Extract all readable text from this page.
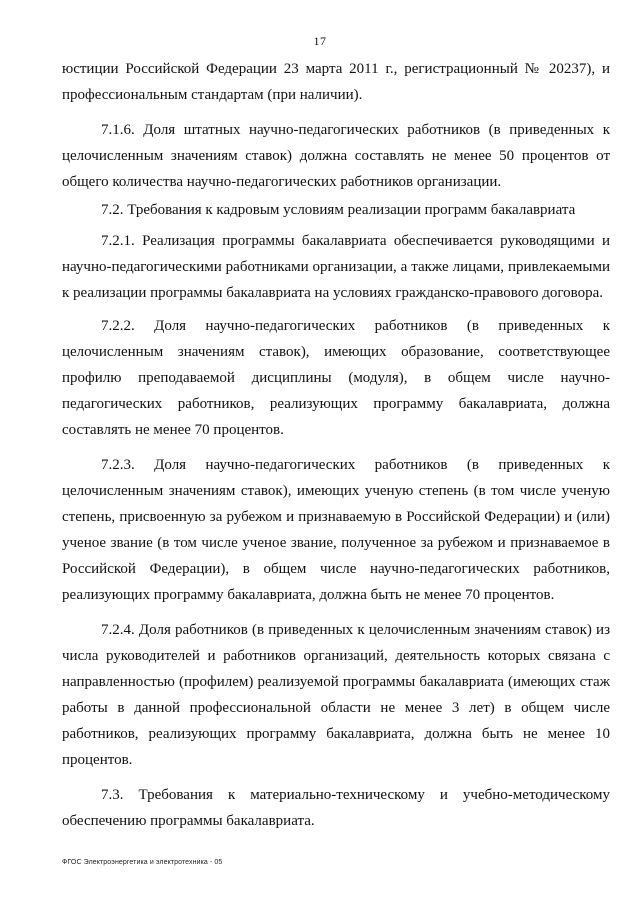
17

юстиции Российской Федерации 23 марта 2011 г., регистрационный № 20237), и профессиональным стандартам (при наличии).

7.1.6. Доля штатных научно-педагогических работников (в приведенных к целочисленным значениям ставок) должна составлять не менее 50 процентов от общего количества научно-педагогических работников организации.

7.2. Требования к кадровым условиям реализации программ бакалавриата

7.2.1. Реализация программы бакалавриата обеспечивается руководящими и научно-педагогическими работниками организации, а также лицами, привлекаемыми к реализации программы бакалавриата на условиях гражданско-правового договора.

7.2.2. Доля научно-педагогических работников (в приведенных к целочисленным значениям ставок), имеющих образование, соответствующее профилю преподаваемой дисциплины (модуля), в общем числе научно-педагогических работников, реализующих программу бакалавриата, должна составлять не менее 70 процентов.

7.2.3. Доля научно-педагогических работников (в приведенных к целочисленным значениям ставок), имеющих ученую степень (в том числе ученую степень, присвоенную за рубежом и признаваемую в Российской Федерации) и (или) ученое звание (в том числе ученое звание, полученное за рубежом и признаваемое в Российской Федерации), в общем числе научно-педагогических работников, реализующих программу бакалавриата, должна быть не менее 70 процентов.

7.2.4. Доля работников (в приведенных к целочисленным значениям ставок) из числа руководителей и работников организаций, деятельность которых связана с направленностью (профилем) реализуемой программы бакалавриата (имеющих стаж работы в данной профессиональной области не менее 3 лет) в общем числе работников, реализующих программу бакалавриата, должна быть не менее 10 процентов.

7.3. Требования к материально-техническому и учебно-методическому обеспечению программы бакалавриата.

ФГОС Электроэнергетика и электротехника - 05
